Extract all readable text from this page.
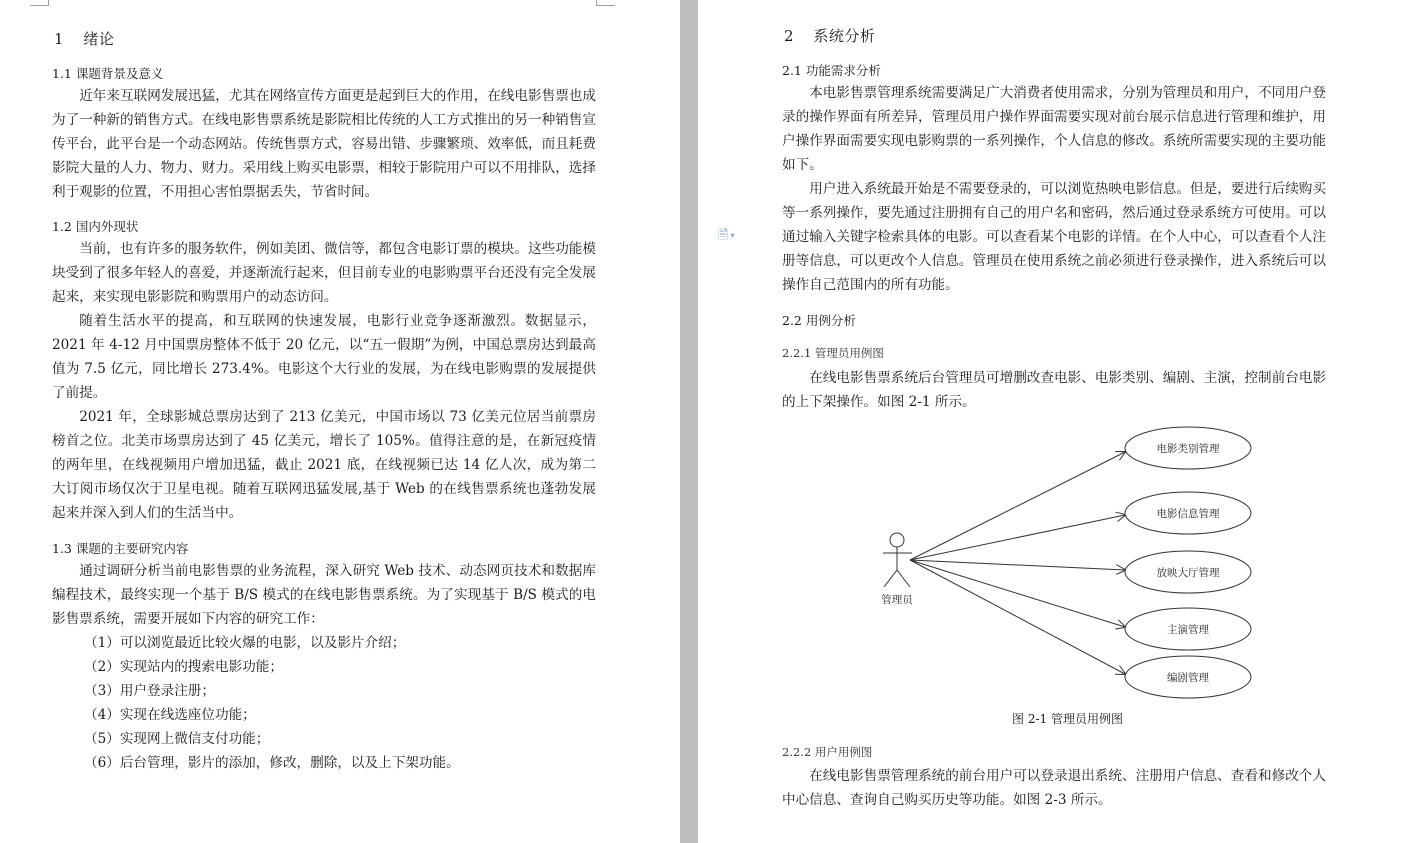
1 绪论
1.1 课题背景及意义

近年来互联网发展迅猛，尤其在网络宣传方面更是起到巨大的作用，在线电影售票也成为了一种新的销售方式。在线电影售票系统是影院相比传统的人工方式推出的另一种销售宣传平台，此平台是一个动态网站。传统售票方式，容易出错、步骤繁琐、效率低，而且耗费影院大量的人力、物力、财力。采用线上购买电影票，相较于影院用户可以不用排队，选择利于观影的位置，不用担心害怕票据丢失，节省时间。

1.2 国内外现状

当前，也有许多的服务软件，例如美团、微信等，都包含电影订票的模块。这些功能模块受到了很多年轻人的喜爱，并逐渐流行起来，但目前专业的电影购票平台还没有完全发展起来，来实现电影影院和购票用户的动态访问。

随着生活水平的提高，和互联网的快速发展，电影行业竞争逐渐激烈。数据显示，2021 年 4-12 月中国票房整体不低于 20 亿元，以“五一假期”为例，中国总票房达到最高值为 7.5 亿元，同比增长 273.4%。电影这个大行业的发展，为在线电影购票的发展提供了前提。

2021 年，全球影城总票房达到了 213 亿美元，中国市场以 73 亿美元位居当前票房榜首之位。北美市场票房达到了 45 亿美元，增长了 105%。值得注意的是，在新冠疫情的两年里，在线视频用户增加迅猛，截止 2021 底，在线视频已达 14 亿人次，成为第二大订阅市场仅次于卫星电视。随着互联网迅猛发展,基于 Web 的在线售票系统也蓬勃发展起来并深入到人们的生活当中。

1.3 课题的主要研究内容

通过调研分析当前电影售票的业务流程，深入研究 Web 技术、动态网页技术和数据库编程技术，最终实现一个基于 B/S 模式的在线电影售票系统。为了实现基于 B/S 模式的电影售票系统，需要开展如下内容的研究工作：

（1）可以浏览最近比较火爆的电影，以及影片介绍；
（2）实现站内的搜索电影功能；
（3）用户登录注册；
（4）实现在线选座位功能；
（5）实现网上微信支付功能；
（6）后台管理，影片的添加，修改，删除，以及上下架功能。
🗎 ▾
2 系统分析
2.1 功能需求分析

本电影售票管理系统需要满足广大消费者使用需求，分别为管理员和用户，不同用户登录的操作界面有所差异，管理员用户操作界面需要实现对前台展示信息进行管理和维护，用户操作界面需要实现电影购票的一系列操作，个人信息的修改。系统所需要实现的主要功能如下。

用户进入系统最开始是不需要登录的，可以浏览热映电影信息。但是，要进行后续购买等一系列操作，要先通过注册拥有自己的用户名和密码，然后通过登录系统方可使用。可以通过输入关键字检索具体的电影。可以查看某个电影的详情。在个人中心，可以查看个人注册等信息，可以更改个人信息。管理员在使用系统之前必须进行登录操作，进入系统后可以操作自己范围内的所有功能。

2.2 用例分析
2.2.1 管理员用例图

在线电影售票系统后台管理员可增删改查电影、电影类别、编剧、主演，控制前台电影的上下架操作。如图 2-1 所示。

管理员
电影类别管理
电影信息管理
放映大厅管理
主演管理
编剧管理
图 2-1 管理员用例图
2.2.2 用户用例图

在线电影售票管理系统的前台用户可以登录退出系统、注册用户信息、查看和修改个人中心信息、查询自己购买历史等功能。如图 2-3 所示。
